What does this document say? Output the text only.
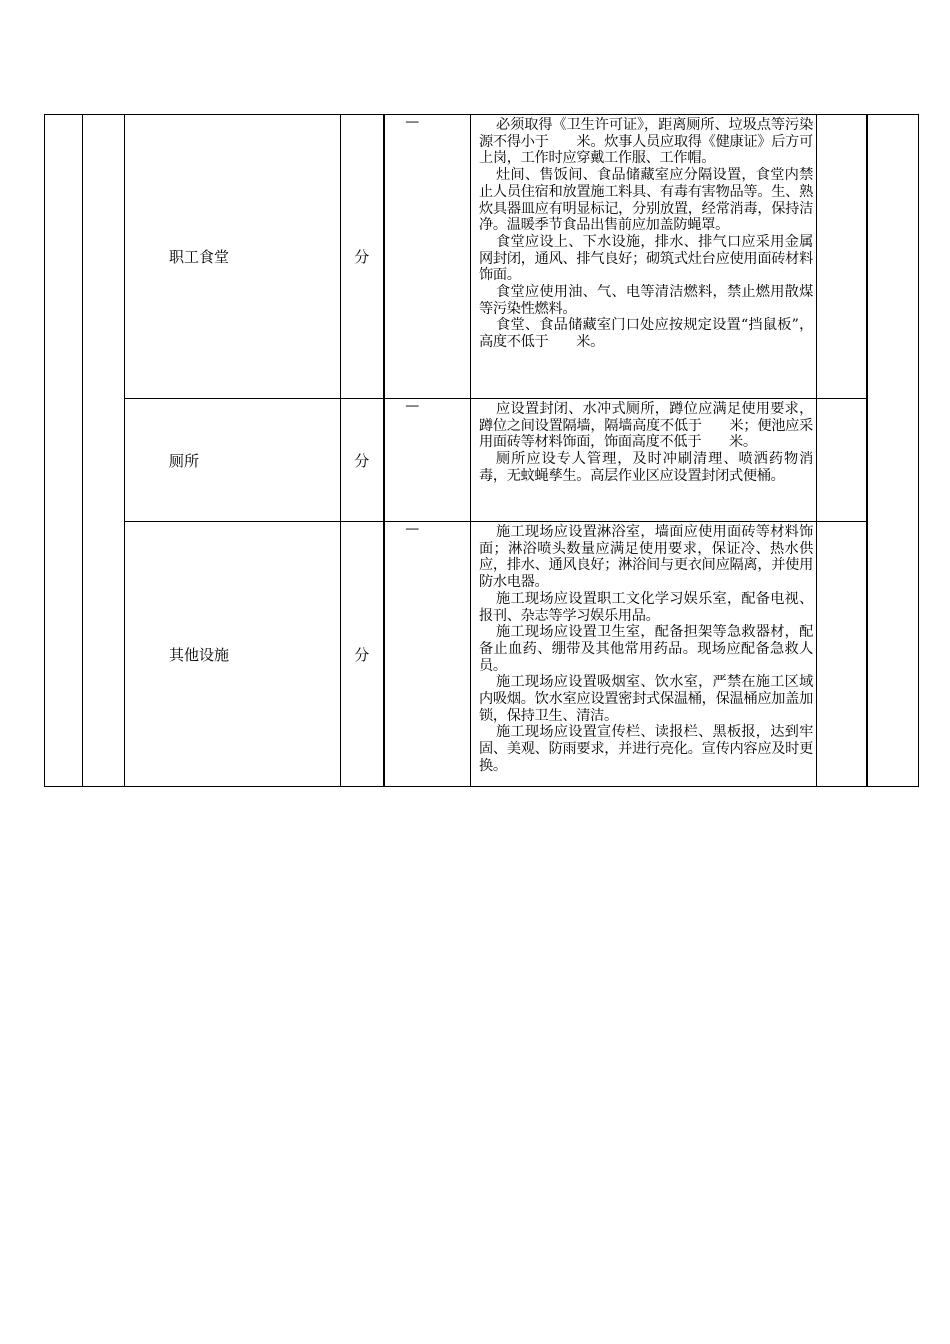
		职工食堂	分	—	必须取得《卫生许可证》，距离厕所、垃圾点等污染源不得小于　　米。炊事人员应取得《健康证》后方可上岗，工作时应穿戴工作服、工作帽。

灶间、售饭间、食品储藏室应分隔设置，食堂内禁止人员住宿和放置施工料具、有毒有害物品等。生、熟炊具器皿应有明显标记，分别放置，经常消毒，保持洁净。温暖季节食品出售前应加盖防蝇罩。

食堂应设上、下水设施，排水、排气口应采用金属网封闭，通风、排气良好；砌筑式灶台应使用面砖材料饰面。

食堂应使用油、气、电等清洁燃料，禁止燃用散煤等污染性燃料。

食堂、食品储藏室门口处应按规定设置“挡鼠板”，高度不低于　　米。		

		厕所	分	—	应设置封闭、水冲式厕所，蹲位应满足使用要求，蹲位之间设置隔墙，隔墙高度不低于　　米；便池应采用面砖等材料饰面，饰面高度不低于　　米。

厕所应设专人管理，及时冲刷清理、喷洒药物消毒，无蚊蝇孳生。高层作业区应设置封闭式便桶。		

		其他设施	分	—	施工现场应设置淋浴室，墙面应使用面砖等材料饰面；淋浴喷头数量应满足使用要求，保证冷、热水供应，排水、通风良好；淋浴间与更衣间应隔离，并使用防水电器。

施工现场应设置职工文化学习娱乐室，配备电视、报刊、杂志等学习娱乐用品。

施工现场应设置卫生室，配备担架等急救器材，配备止血药、绷带及其他常用药品。现场应配备急救人员。

施工现场应设置吸烟室、饮水室，严禁在施工区域内吸烟。饮水室应设置密封式保温桶，保温桶应加盖加锁，保持卫生、清洁。

施工现场应设置宣传栏、读报栏、黑板报，达到牢固、美观、防雨要求，并进行亮化。宣传内容应及时更换。		
